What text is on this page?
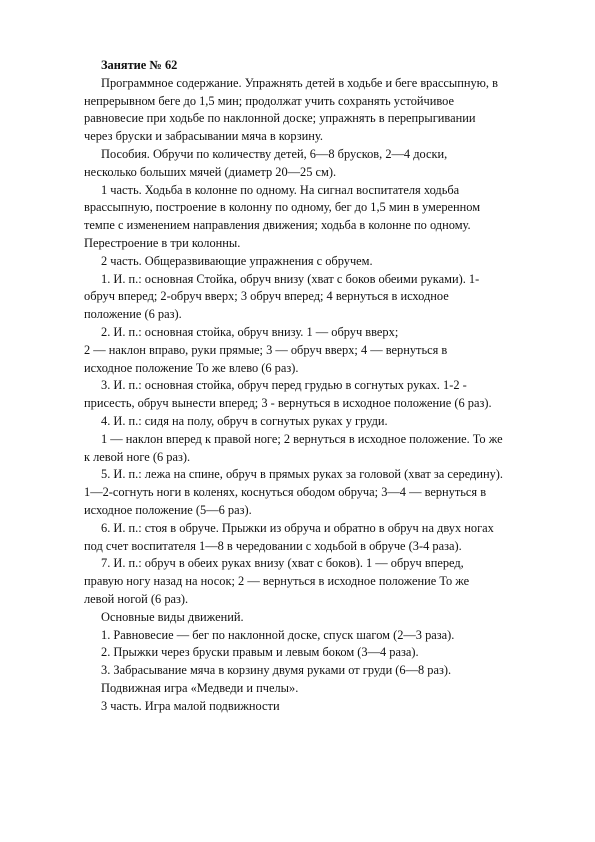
Занятие № 62
Программное содержание. Упражнять детей в ходьбе и беге врассыпную, в
непрерывном беге до 1,5 мин; продолжат учить сохранять устойчивое
равновесие при ходьбе по наклонной доске; упражнять в перепрыгивании
через бруски и забрасывании мяча в корзину.
Пособия. Обручи по количеству детей, 6—8 брусков, 2—4 доски,
несколько больших мячей (диаметр 20—25 см).
1 часть. Ходьба в колонне по одному. На сигнал воспитателя ходьба
врассыпную, построение в колонну по одному, бег до 1,5 мин в умеренном
темпе с изменением направления движения; ходьба в колонне по одному.
Перестроение в три колонны.
2 часть. Общеразвивающие упражнения с обручем.
1. И. п.: основная Стойка, обруч внизу (хват с боков обеими руками). 1-
обруч вперед; 2-обруч вверх; 3 обруч вперед; 4 вернуться в исходное
положение (6 раз).
2. И. п.: основная стойка, обруч внизу. 1 — обруч вверх;
2 — наклон вправо, руки прямые; 3 — обруч вверх; 4 — вернуться в
исходное положение То же влево (6 раз).
3. И. п.: основная стойка, обруч перед грудью в согнутых руках. 1-2 -
присесть, обруч вынести вперед; 3 - вернуться в исходное положение (6 раз).
4. И. п.: сидя на полу, обруч в согнутых руках у груди.
1 — наклон вперед к правой ноге; 2 вернуться в исходное положение. То же
к левой ноге (6 раз).
5. И. п.: лежа на спине, обруч в прямых руках за головой (хват за середину).
1—2-согнуть ноги в коленях, коснуться ободом обруча; 3—4 — вернуться в
исходное положение (5—6 раз).
6. И. п.: стоя в обруче. Прыжки из обруча и обратно в обруч на двух ногах
под счет воспитателя 1—8 в чередовании с ходьбой в обруче (3-4 раза).
7. И. п.: обруч в обеих руках внизу (хват с боков). 1 — обруч вперед,
правую ногу назад на носок; 2 — вернуться в исходное положение То же
левой ногой (6 раз).
Основные виды движений.
1. Равновесие — бег по наклонной доске, спуск шагом (2—3 раза).
2. Прыжки через бруски правым и левым боком (3—4 раза).
3. Забрасывание мяча в корзину двумя руками от груди (6—8 раз).
Подвижная игра «Медведи и пчелы».
3 часть. Игра малой подвижности
